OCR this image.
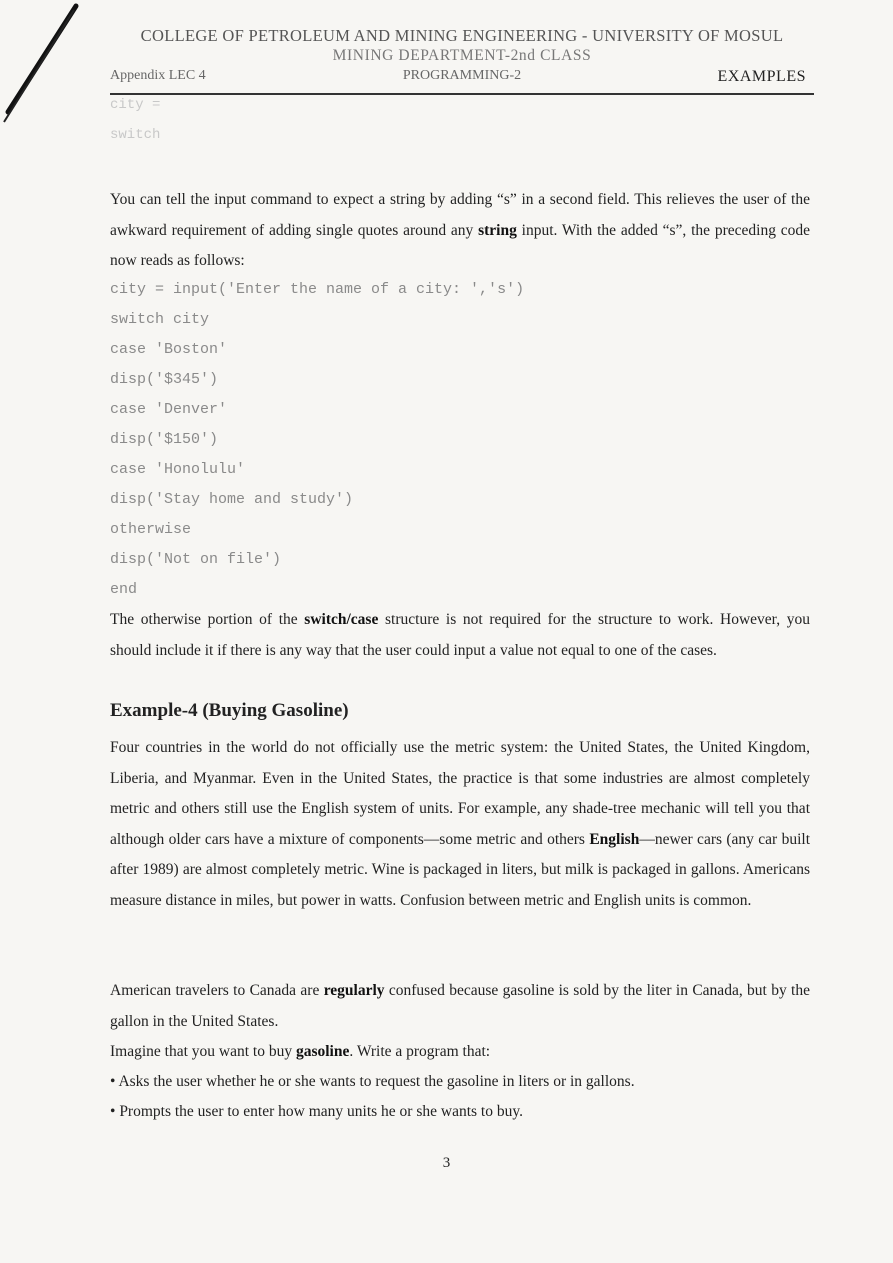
COLLEGE OF PETROLEUM AND MINING ENGINEERING - UNIVERSITY OF MOSUL
MINING DEPARTMENT-2nd CLASS
Appendix LEC 4	PROGRAMMING-2	EXAMPLES
city =
switch
You can tell the input command to expect a string by adding “s” in a second field. This relieves the user of the awkward requirement of adding single quotes around any string input. With the added “s”, the preceding code now reads as follows:
city = input('Enter the name of a city: ','s')
switch city
case 'Boston'
disp('$345')
case 'Denver'
disp('$150')
case 'Honolulu'
disp('Stay home and study')
otherwise
disp('Not on file')
end
The otherwise portion of the switch/case structure is not required for the structure to work. However, you should include it if there is any way that the user could input a value not equal to one of the cases.
Example-4 (Buying Gasoline)
Four countries in the world do not officially use the metric system: the United States, the United Kingdom, Liberia, and Myanmar. Even in the United States, the practice is that some industries are almost completely metric and others still use the English system of units. For example, any shade-tree mechanic will tell you that although older cars have a mixture of components—some metric and others English—newer cars (any car built after 1989) are almost completely metric. Wine is packaged in liters, but milk is packaged in gallons. Americans measure distance in miles, but power in watts. Confusion between metric and English units is common.
American travelers to Canada are regularly confused because gasoline is sold by the liter in Canada, but by the gallon in the United States.
Imagine that you want to buy gasoline. Write a program that:
• Asks the user whether he or she wants to request the gasoline in liters or in gallons.
• Prompts the user to enter how many units he or she wants to buy.
3
